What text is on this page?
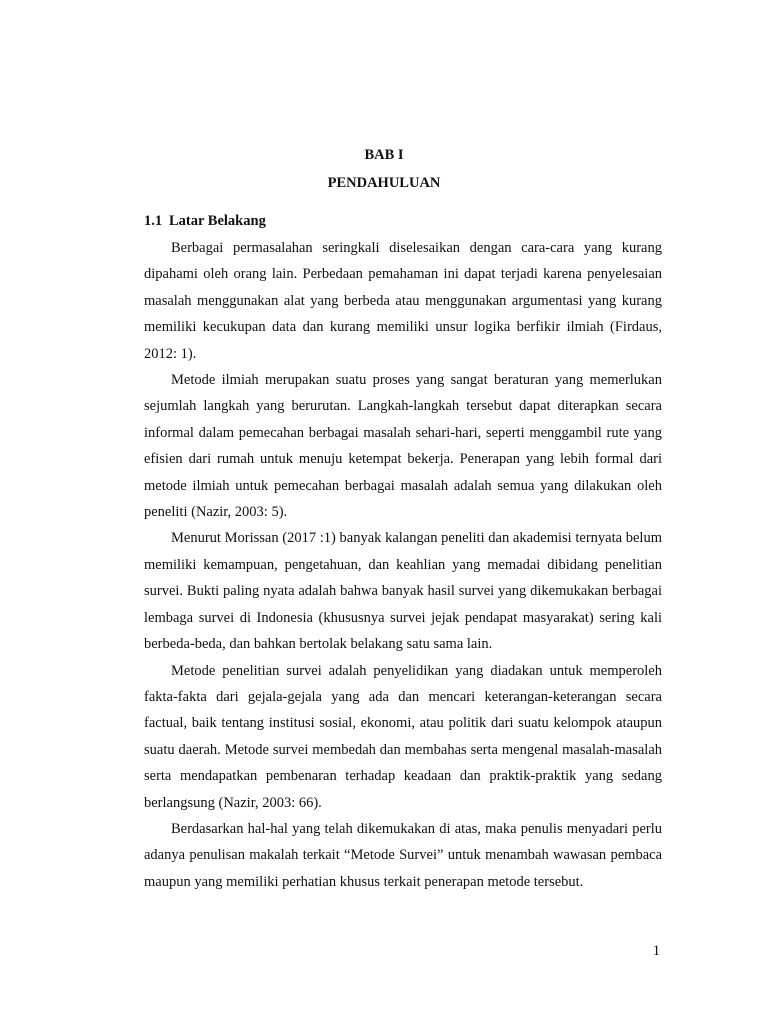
BAB I
PENDAHULUAN
1.1 Latar Belakang

Berbagai permasalahan seringkali diselesaikan dengan cara-cara yang kurang dipahami oleh orang lain. Perbedaan pemahaman ini dapat terjadi karena penyelesaian masalah menggunakan alat yang berbeda atau menggunakan argumentasi yang kurang memiliki kecukupan data dan kurang memiliki unsur logika berfikir ilmiah (Firdaus, 2012: 1).

Metode ilmiah merupakan suatu proses yang sangat beraturan yang memerlukan sejumlah langkah yang berurutan. Langkah-langkah tersebut dapat diterapkan secara informal dalam pemecahan berbagai masalah sehari-hari, seperti menggambil rute yang efisien dari rumah untuk menuju ketempat bekerja. Penerapan yang lebih formal dari metode ilmiah untuk pemecahan berbagai masalah adalah semua yang dilakukan oleh peneliti (Nazir, 2003: 5).

Menurut Morissan (2017 :1) banyak kalangan peneliti dan akademisi ternyata belum memiliki kemampuan, pengetahuan, dan keahlian yang memadai dibidang penelitian survei. Bukti paling nyata adalah bahwa banyak hasil survei yang dikemukakan berbagai lembaga survei di Indonesia (khususnya survei jejak pendapat masyarakat) sering kali berbeda-beda, dan bahkan bertolak belakang satu sama lain.

Metode penelitian survei adalah penyelidikan yang diadakan untuk memperoleh fakta-fakta dari gejala-gejala yang ada dan mencari keterangan-keterangan secara factual, baik tentang institusi sosial, ekonomi, atau politik dari suatu kelompok ataupun suatu daerah. Metode survei membedah dan membahas serta mengenal masalah-masalah serta mendapatkan pembenaran terhadap keadaan dan praktik-praktik yang sedang berlangsung (Nazir, 2003: 66).

Berdasarkan hal-hal yang telah dikemukakan di atas, maka penulis menyadari perlu adanya penulisan makalah terkait “Metode Survei” untuk menambah wawasan pembaca maupun yang memiliki perhatian khusus terkait penerapan metode tersebut.

1
